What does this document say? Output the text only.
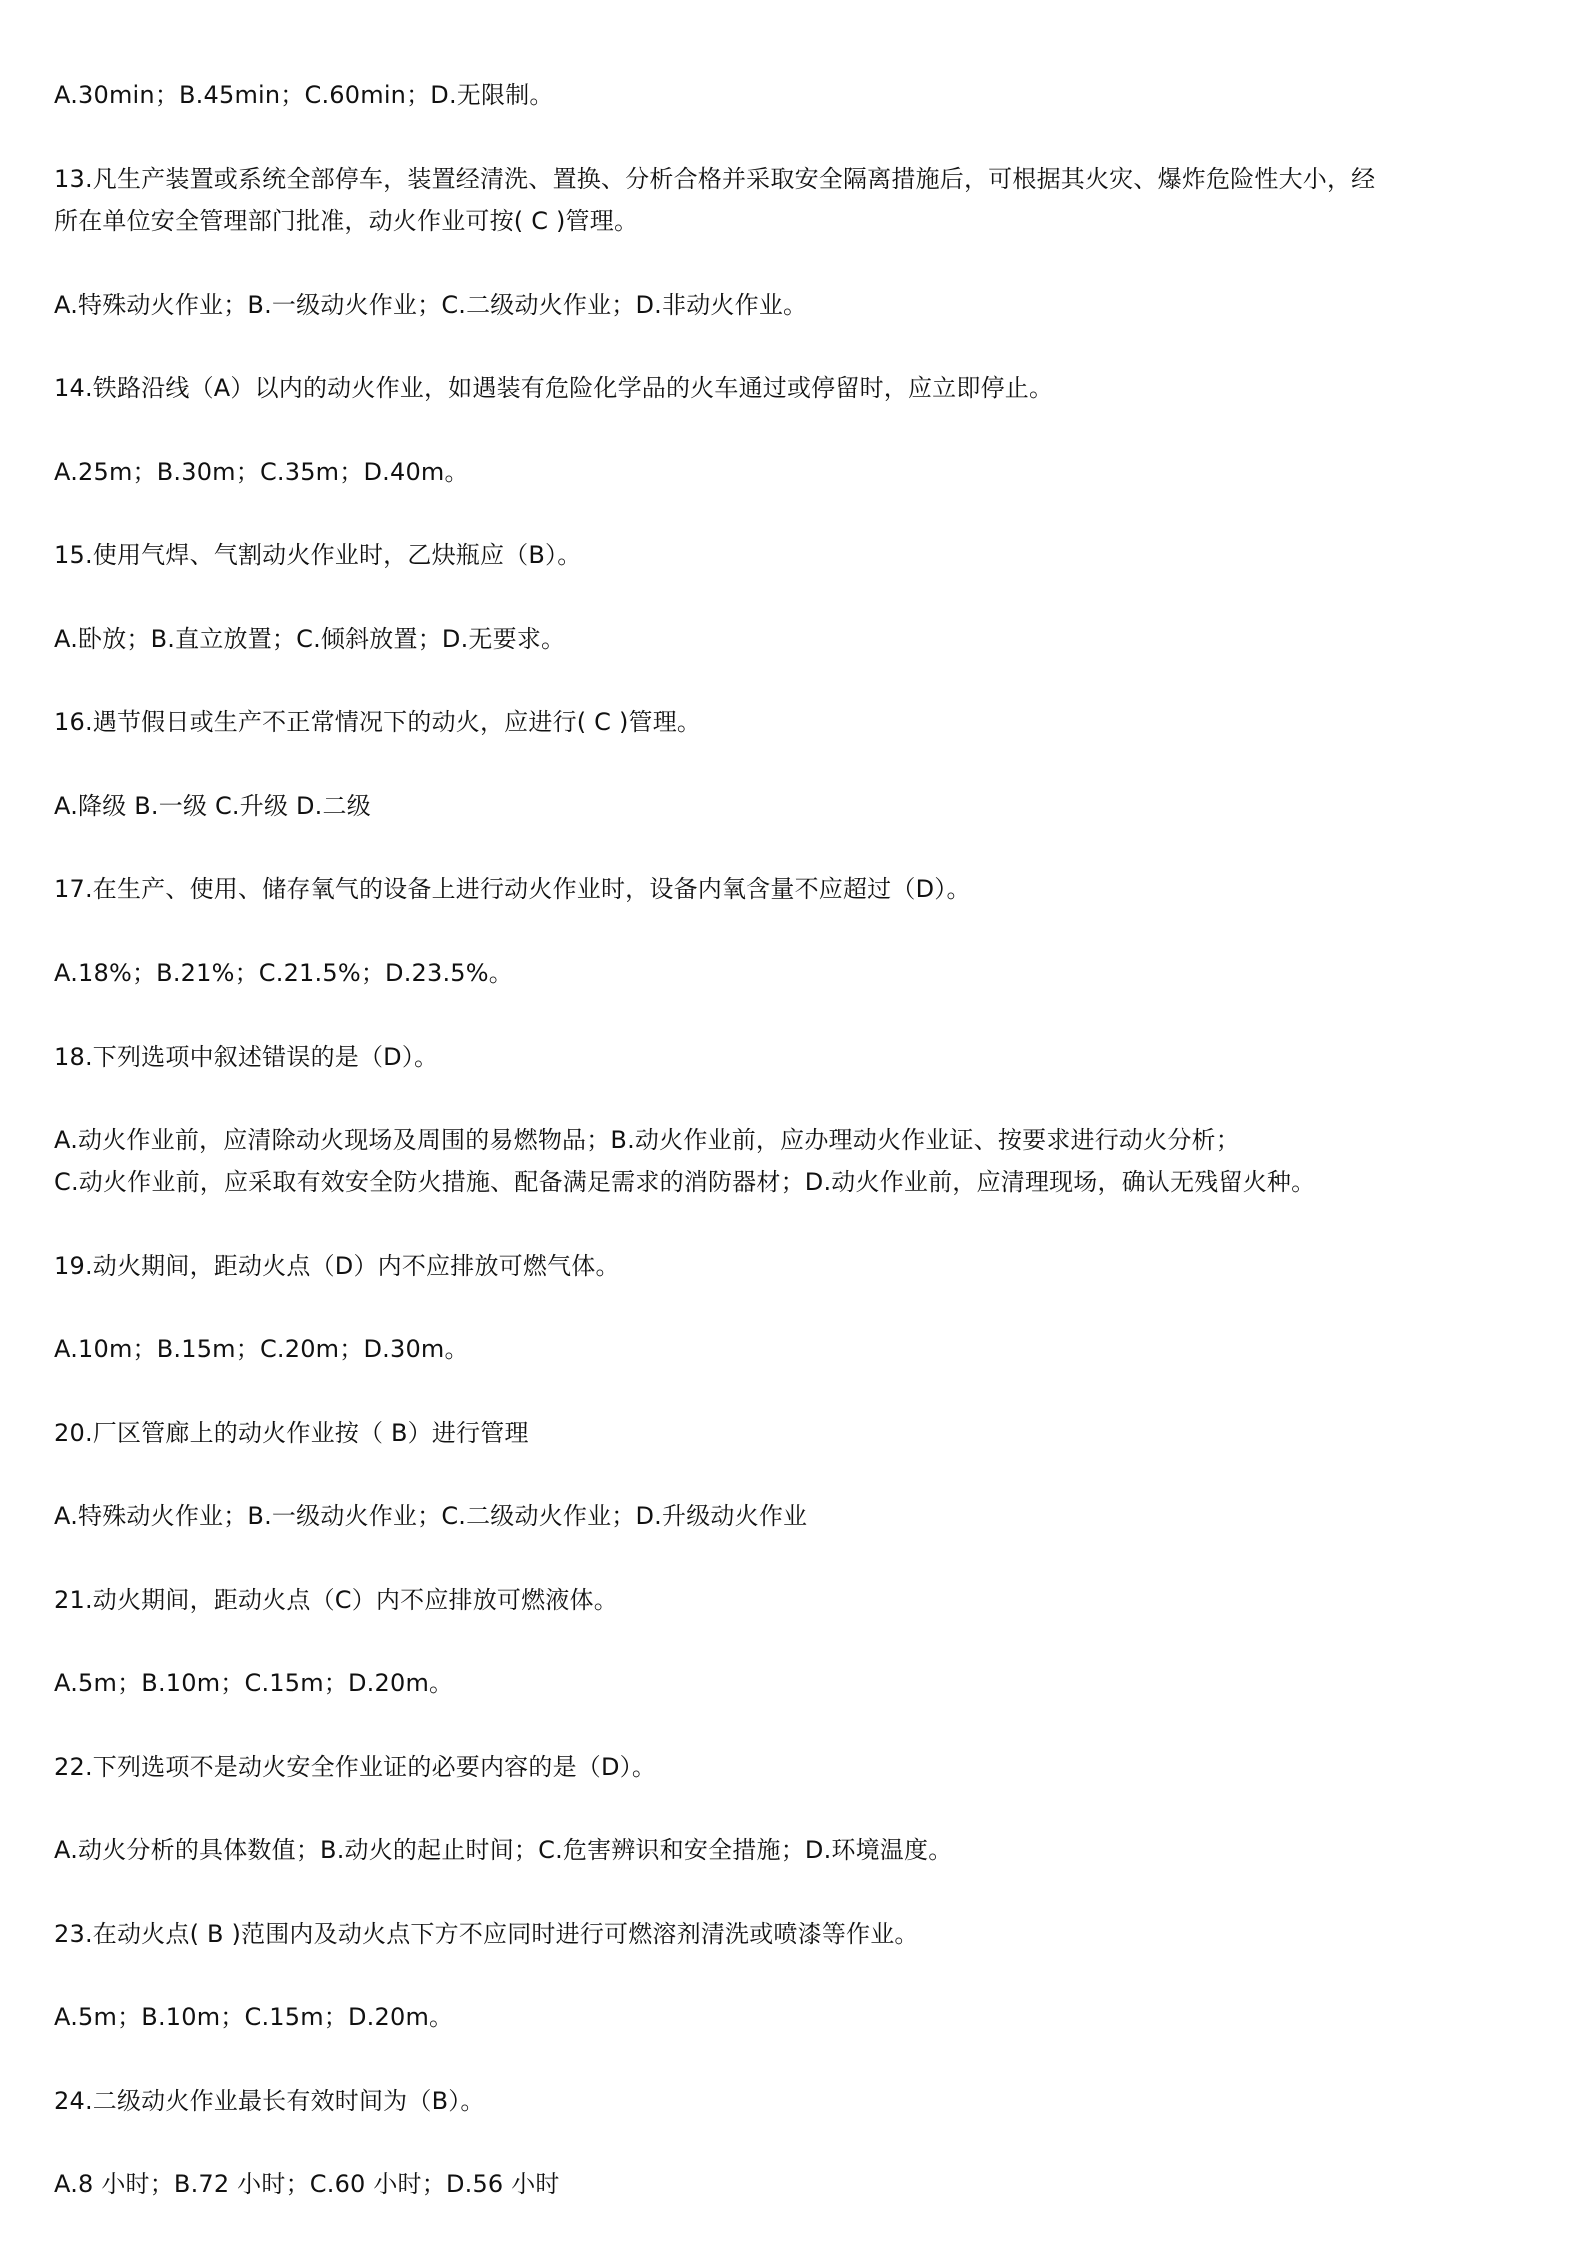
A.30min；B.45min；C.60min；D.无限制。
13.凡生产装置或系统全部停车，装置经清洗、置换、分析合格并采取安全隔离措施后，可根据其火灾、爆炸危险性大小，经
所在单位安全管理部门批准，动火作业可按( C )管理。
A.特殊动火作业；B.一级动火作业；C.二级动火作业；D.非动火作业。
14.铁路沿线（A）以内的动火作业，如遇装有危险化学品的火车通过或停留时，应立即停止。
A.25m；B.30m；C.35m；D.40m。
15.使用气焊、气割动火作业时，乙炔瓶应（B）。
A.卧放；B.直立放置；C.倾斜放置；D.无要求。
16.遇节假日或生产不正常情况下的动火，应进行( C )管理。
A.降级 B.一级 C.升级 D.二级
17.在生产、使用、储存氧气的设备上进行动火作业时，设备内氧含量不应超过（D）。
A.18%；B.21%；C.21.5%；D.23.5%。
18.下列选项中叙述错误的是（D）。
A.动火作业前，应清除动火现场及周围的易燃物品；B.动火作业前，应办理动火作业证、按要求进行动火分析；
C.动火作业前，应采取有效安全防火措施、配备满足需求的消防器材；D.动火作业前，应清理现场，确认无残留火种。
19.动火期间，距动火点（D）内不应排放可燃气体。
A.10m；B.15m；C.20m；D.30m。
20.厂区管廊上的动火作业按（ B）进行管理
A.特殊动火作业；B.一级动火作业；C.二级动火作业；D.升级动火作业
21.动火期间，距动火点（C）内不应排放可燃液体。
A.5m；B.10m；C.15m；D.20m。
22.下列选项不是动火安全作业证的必要内容的是（D）。
A.动火分析的具体数值；B.动火的起止时间；C.危害辨识和安全措施；D.环境温度。
23.在动火点( B )范围内及动火点下方不应同时进行可燃溶剂清洗或喷漆等作业。
A.5m；B.10m；C.15m；D.20m。
24.二级动火作业最长有效时间为（B）。
A.8 小时；B.72 小时；C.60 小时；D.56 小时
